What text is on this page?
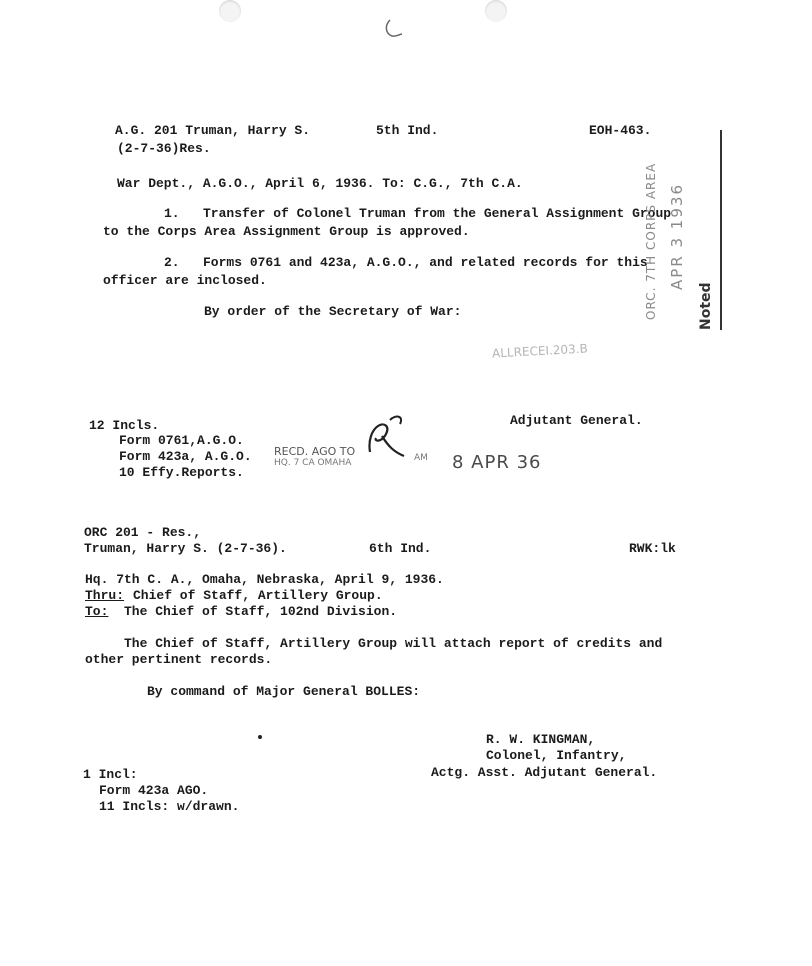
A.G. 201 Truman, Harry S.	5th Ind.	EOH-463.
(2-7-36)Res.
War Dept., A.G.O., April 6, 1936. To: C.G., 7th C.A.
1.   Transfer of Colonel Truman from the General Assignment Group
to the Corps Area Assignment Group is approved.
2.   Forms 0761 and 423a, A.G.O., and related records for this
officer are inclosed.
By order of the Secretary of War:
ALLRECEI.203.B
ORC. 7TH CORPS AREA APR 3 1936
Noted
Adjutant General.
12 Incls.
Form 0761,A.G.O.
Form 423a, A.G.O.
10 Effy.Reports.
RECD. AGO TO
HQ. 7 CA OMAHA	AM 8 APR 36
ORC 201 - Res.,
Truman, Harry S. (2-7-36).	6th Ind.	RWK:lk
Hq. 7th C. A., Omaha, Nebraska, April 9, 1936.
Thru: Chief of Staff, Artillery Group.
To: The Chief of Staff, 102nd Division.
The Chief of Staff, Artillery Group will attach report of credits and
other pertinent records.
By command of Major General BOLLES:
R. W. KINGMAN,
Colonel, Infantry,
Actg. Asst. Adjutant General.
1 Incl:
Form 423a AGO.
11 Incls: w/drawn.
